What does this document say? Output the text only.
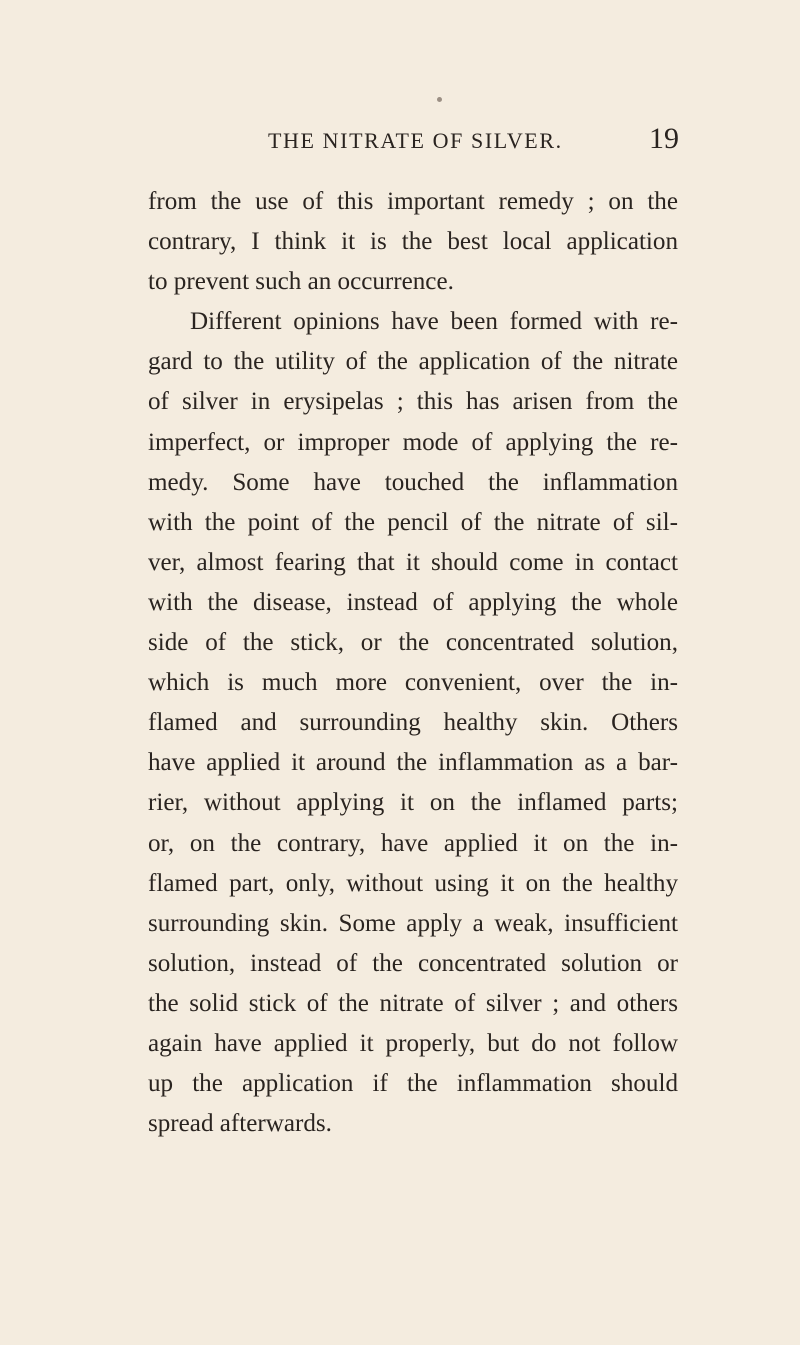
THE NITRATE OF SILVER.	19
from the use of this important remedy ; on the
contrary, I think it is the best local application
to prevent such an occurrence.
Different opinions have been formed with re-
gard to the utility of the application of the nitrate
of silver in erysipelas ; this has arisen from the
imperfect, or improper mode of applying the re-
medy. Some have touched the inflammation
with the point of the pencil of the nitrate of sil-
ver, almost fearing that it should come in contact
with the disease, instead of applying the whole
side of the stick, or the concentrated solution,
which is much more convenient, over the in-
flamed and surrounding healthy skin. Others
have applied it around the inflammation as a bar-
rier, without applying it on the inflamed parts;
or, on the contrary, have applied it on the in-
flamed part, only, without using it on the healthy
surrounding skin. Some apply a weak, insufficient
solution, instead of the concentrated solution or
the solid stick of the nitrate of silver ; and others
again have applied it properly, but do not follow
up the application if the inflammation should
spread afterwards.
